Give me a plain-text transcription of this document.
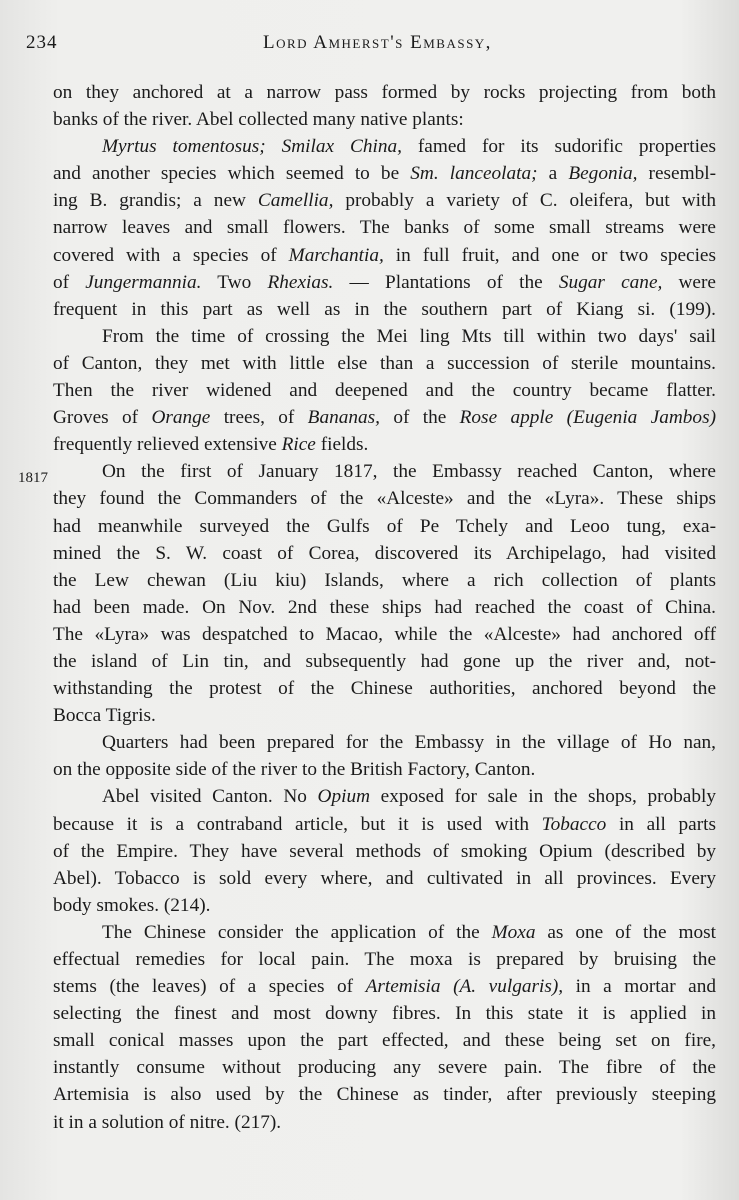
234	Lord Amherst's Embassy,
1817
on they anchored at a narrow pass formed by rocks projecting from both
banks of the river. Abel collected many native plants:
Myrtus tomentosus; Smilax China, famed for its sudorific properties
and another species which seemed to be Sm. lanceolata; a Begonia, resembl-
ing B. grandis; a new Camellia, probably a variety of C. oleifera, but with
narrow leaves and small flowers. The banks of some small streams were
covered with a species of Marchantia, in full fruit, and one or two species
of Jungermannia. Two Rhexias. — Plantations of the Sugar cane, were
frequent in this part as well as in the southern part of Kiang si. (199).
From the time of crossing the Mei ling Mts till within two days' sail
of Canton, they met with little else than a succession of sterile mountains.
Then the river widened and deepened and the country became flatter.
Groves of Orange trees, of Bananas, of the Rose apple (Eugenia Jambos)
frequently relieved extensive Rice fields.
On the first of January 1817, the Embassy reached Canton, where
they found the Commanders of the «Alceste» and the «Lyra». These ships
had meanwhile surveyed the Gulfs of Pe Tchely and Leoo tung, exa-
mined the S. W. coast of Corea, discovered its Archipelago, had visited
the Lew chewan (Liu kiu) Islands, where a rich collection of plants
had been made. On Nov. 2nd these ships had reached the coast of China.
The «Lyra» was despatched to Macao, while the «Alceste» had anchored off
the island of Lin tin, and subsequently had gone up the river and, not-
withstanding the protest of the Chinese authorities, anchored beyond the
Bocca Tigris.
Quarters had been prepared for the Embassy in the village of Ho nan,
on the opposite side of the river to the British Factory, Canton.
Abel visited Canton. No Opium exposed for sale in the shops, probably
because it is a contraband article, but it is used with Tobacco in all parts
of the Empire. They have several methods of smoking Opium (described by
Abel). Tobacco is sold every where, and cultivated in all provinces. Every
body smokes. (214).
The Chinese consider the application of the Moxa as one of the most
effectual remedies for local pain. The moxa is prepared by bruising the
stems (the leaves) of a species of Artemisia (A. vulgaris), in a mortar and
selecting the finest and most downy fibres. In this state it is applied in
small conical masses upon the part effected, and these being set on fire,
instantly consume without producing any severe pain. The fibre of the
Artemisia is also used by the Chinese as tinder, after previously steeping
it in a solution of nitre. (217).
